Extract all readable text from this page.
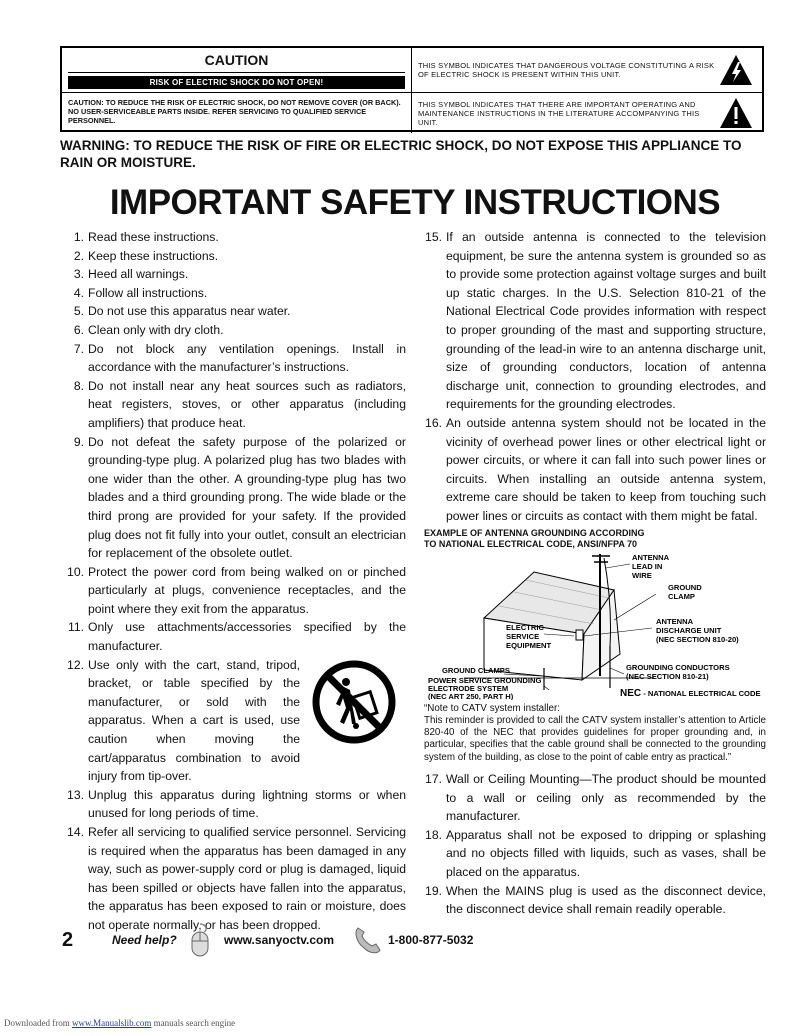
CAUTION
RISK OF ELECTRIC SHOCK DO NOT OPEN!
THIS SYMBOL INDICATES THAT DANGEROUS VOLTAGE CONSTITUTING A RISK OF ELECTRIC SHOCK IS PRESENT WITHIN THIS UNIT.
CAUTION: TO REDUCE THE RISK OF ELECTRIC SHOCK, DO NOT REMOVE COVER (OR BACK). NO USER-SERVICEABLE PARTS INSIDE. REFER SERVICING TO QUALIFIED SERVICE PERSONNEL.
THIS SYMBOL INDICATES THAT THERE ARE IMPORTANT OPERATING AND MAINTENANCE INSTRUCTIONS IN THE LITERATURE ACCOMPANYING THIS UNIT.
WARNING: TO REDUCE THE RISK OF FIRE OR ELECTRIC SHOCK, DO NOT EXPOSE THIS APPLIANCE TO RAIN OR MOISTURE.
IMPORTANT SAFETY INSTRUCTIONS
1. Read these instructions.
2. Keep these instructions.
3. Heed all warnings.
4. Follow all instructions.
5. Do not use this apparatus near water.
6. Clean only with dry cloth.
7. Do not block any ventilation openings. Install in accordance with the manufacturer’s instructions.
8. Do not install near any heat sources such as radiators, heat registers, stoves, or other apparatus (including amplifiers) that produce heat.
9. Do not defeat the safety purpose of the polarized or grounding-type plug. A polarized plug has two blades with one wider than the other. A grounding-type plug has two blades and a third grounding prong. The wide blade or the third prong are provided for your safety. If the provided plug does not fit fully into your outlet, consult an electrician for replacement of the obsolete outlet.
10. Protect the power cord from being walked on or pinched particularly at plugs, convenience receptacles, and the point where they exit from the apparatus.
11. Only use attachments/accessories specified by the manufacturer.
12. Use only with the cart, stand, tripod, bracket, or table specified by the manufacturer, or sold with the apparatus. When a cart is used, use caution when moving the cart/apparatus combination to avoid injury from tip-over.
13. Unplug this apparatus during lightning storms or when unused for long periods of time.
14. Refer all servicing to qualified service personnel. Servicing is required when the apparatus has been damaged in any way, such as power-supply cord or plug is damaged, liquid has been spilled or objects have fallen into the apparatus, the apparatus has been exposed to rain or moisture, does not operate normally, or has been dropped.
15. If an outside antenna is connected to the television equipment, be sure the antenna system is grounded so as to provide some protection against voltage surges and built up static charges. In the U.S. Selection 810-21 of the National Electrical Code provides information with respect to proper grounding of the mast and supporting structure, grounding of the lead-in wire to an antenna discharge unit, size of grounding conductors, location of antenna discharge unit, connection to grounding electrodes, and requirements for the grounding electrodes.
16. An outside antenna system should not be located in the vicinity of overhead power lines or other electrical light or power circuits, or where it can fall into such power lines or circuits. When installing an outside antenna system, extreme care should be taken to keep from touching such power lines or circuits as contact with them might be fatal.
EXAMPLE OF ANTENNA GROUNDING ACCORDING
TO NATIONAL ELECTRICAL CODE, ANSI/NFPA 70
ANTENNA
LEAD IN
WIRE
GROUND
CLAMP
ELECTRIC
SERVICE
EQUIPMENT
ANTENNA
DISCHARGE UNIT
(NEC SECTION 810-20)
GROUND CLAMPS	GROUNDING CONDUCTORS
(NEC SECTION 810-21)
POWER SERVICE GROUNDING
ELECTRODE SYSTEM
(NEC ART 250, PART H)	NEC - NATIONAL ELECTRICAL CODE
“Note to CATV system installer:
This reminder is provided to call the CATV system installer’s attention to Article 820-40 of the NEC that provides guidelines for proper grounding and, in particular, specifies that the cable ground shall be connected to the grounding system of the building, as close to the point of cable entry as practical.”
17. Wall or Ceiling Mounting—The product should be mounted to a wall or ceiling only as recommended by the manufacturer.
18. Apparatus shall not be exposed to dripping or splashing and no objects filled with liquids, such as vases, shall be placed on the apparatus.
19. When the MAINS plug is used as the disconnect device, the disconnect device shall remain readily operable.
2	Need help?	www.sanyoctv.com	1-800-877-5032
Downloaded from www.Manualslib.com manuals search engine
